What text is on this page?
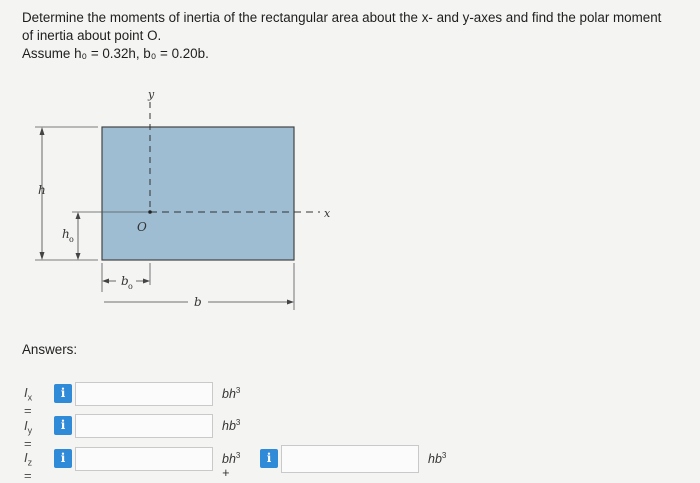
Determine the moments of inertia of the rectangular area about the x- and y-axes and find the polar moment

of inertia about point O.

Assume h₀ = 0.32h, b₀ = 0.20b.

y
x
h
h o
O
b o
b
Answers:
$I_x$ =
i	$bh^3$
$I_y$ =
i	$hb^3$
$I_z$ =
i	$bh^3$ +
i	$hb^3$
